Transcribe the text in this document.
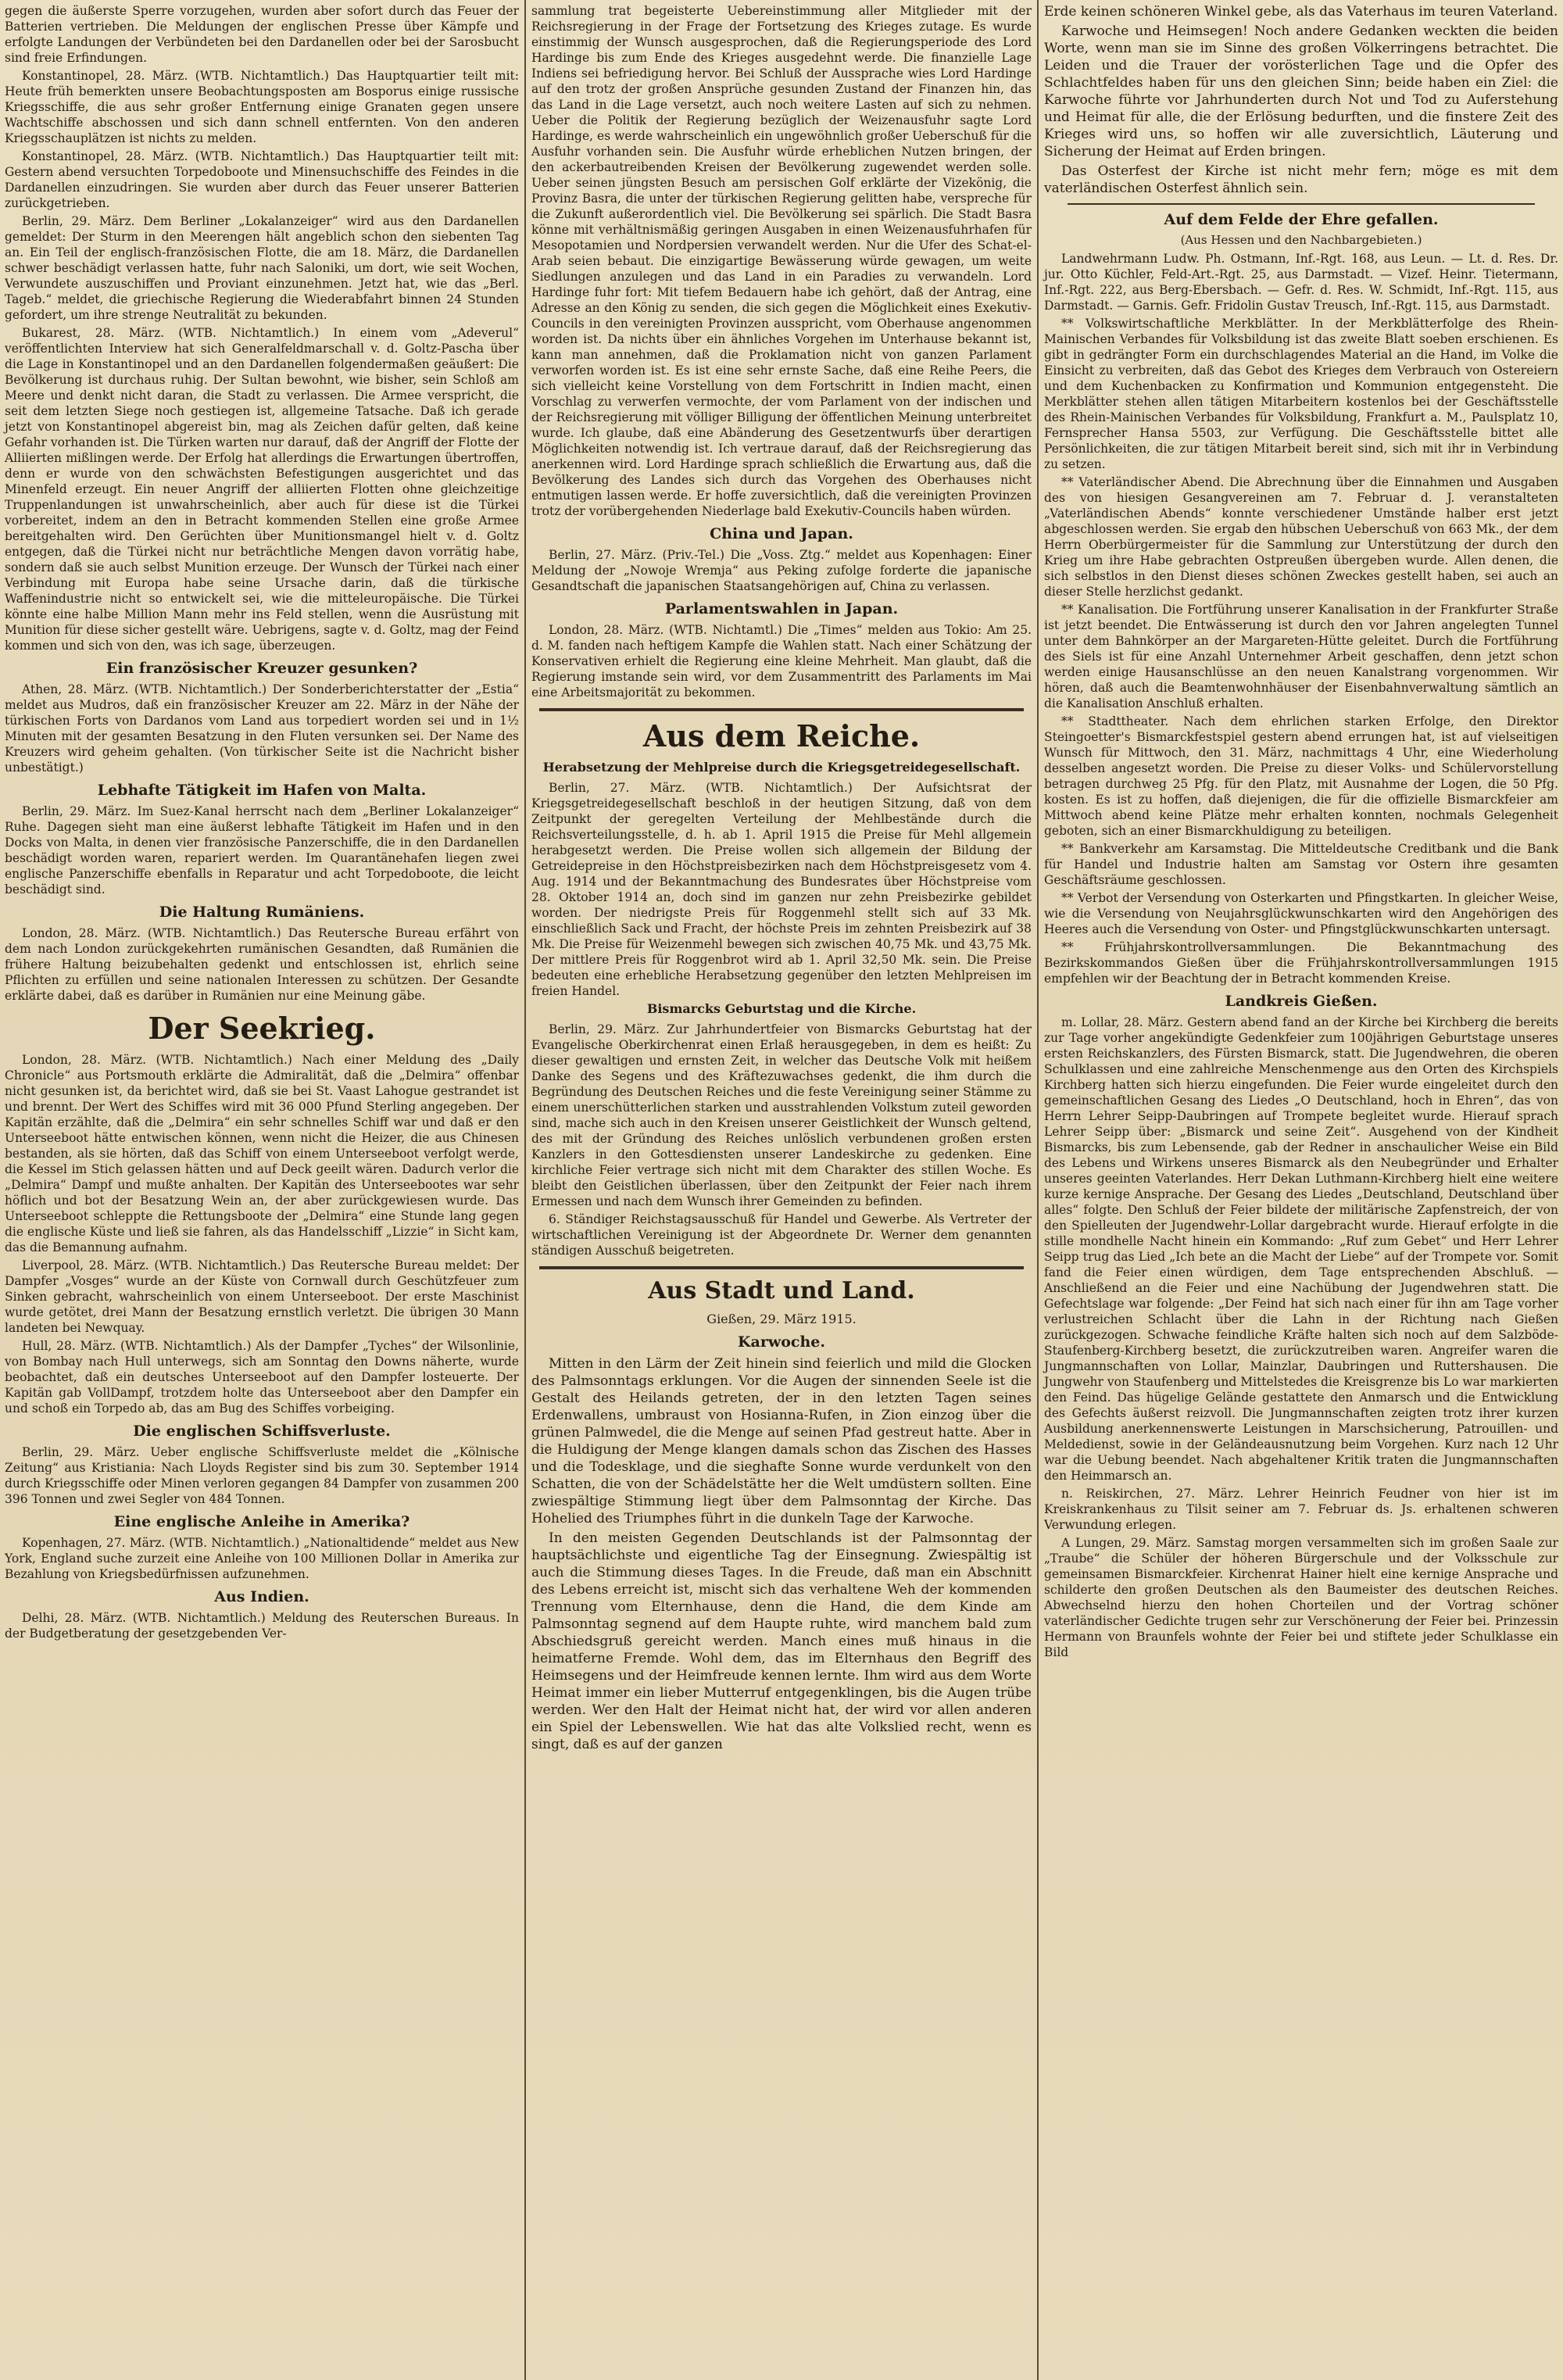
gegen die äußerste Sperre vorzugehen, wurden aber sofort durch das Feuer der Batterien vertrieben. Die Meldungen der englischen Presse über Kämpfe und erfolgte Landungen der Verbündeten bei den Dardanellen oder bei der Sarosbucht sind freie Erfindungen.

Konstantinopel, 28. März. (WTB. Nichtamtlich.) Das Hauptquartier teilt mit: Heute früh bemerkten unsere Beobachtungsposten am Bosporus einige russische Kriegsschiffe, die aus sehr großer Entfernung einige Granaten gegen unsere Wachtschiffe abschossen und sich dann schnell entfernten. Von den anderen Kriegsschauplätzen ist nichts zu melden.

Konstantinopel, 28. März. (WTB. Nichtamtlich.) Das Hauptquartier teilt mit: Gestern abend versuchten Torpedoboote und Minensuchschiffe des Feindes in die Dardanellen einzudringen. Sie wurden aber durch das Feuer unserer Batterien zurückgetrieben.

Berlin, 29. März. Dem Berliner „Lokalanzeiger“ wird aus den Dardanellen gemeldet: Der Sturm in den Meerengen hält angeblich schon den siebenten Tag an. Ein Teil der englisch-französischen Flotte, die am 18. März, die Dardanellen schwer beschädigt verlassen hatte, fuhr nach Saloniki, um dort, wie seit Wochen, Verwundete auszuschiffen und Proviant einzunehmen. Jetzt hat, wie das „Berl. Tageb.“ meldet, die griechische Regierung die Wiederabfahrt binnen 24 Stunden gefordert, um ihre strenge Neutralität zu bekunden.

Bukarest, 28. März. (WTB. Nichtamtlich.) In einem vom „Adeverul“ veröffentlichten Interview hat sich Generalfeldmarschall v. d. Goltz-Pascha über die Lage in Konstantinopel und an den Dardanellen folgendermaßen geäußert: Die Bevölkerung ist durchaus ruhig. Der Sultan bewohnt, wie bisher, sein Schloß am Meere und denkt nicht daran, die Stadt zu verlassen. Die Armee verspricht, die seit dem letzten Siege noch gestiegen ist, allgemeine Tatsache. Daß ich gerade jetzt von Konstantinopel abgereist bin, mag als Zeichen dafür gelten, daß keine Gefahr vorhanden ist. Die Türken warten nur darauf, daß der Angriff der Flotte der Alliierten mißlingen werde. Der Erfolg hat allerdings die Erwartungen übertroffen, denn er wurde von den schwächsten Befestigungen ausgerichtet und das Minenfeld erzeugt. Ein neuer Angriff der alliierten Flotten ohne gleichzeitige Truppenlandungen ist unwahrscheinlich, aber auch für diese ist die Türkei vorbereitet, indem an den in Betracht kommenden Stellen eine große Armee bereitgehalten wird. Den Gerüchten über Munitionsmangel hielt v. d. Goltz entgegen, daß die Türkei nicht nur beträchtliche Mengen davon vorrätig habe, sondern daß sie auch selbst Munition erzeuge. Der Wunsch der Türkei nach einer Verbindung mit Europa habe seine Ursache darin, daß die türkische Waffenindustrie nicht so entwickelt sei, wie die mitteleuropäische. Die Türkei könnte eine halbe Million Mann mehr ins Feld stellen, wenn die Ausrüstung mit Munition für diese sicher gestellt wäre. Uebrigens, sagte v. d. Goltz, mag der Feind kommen und sich von den, was ich sage, überzeugen.

Ein französischer Kreuzer gesunken?

Athen, 28. März. (WTB. Nichtamtlich.) Der Sonderberichterstatter der „Estia“ meldet aus Mudros, daß ein französischer Kreuzer am 22. März in der Nähe der türkischen Forts von Dardanos vom Land aus torpediert worden sei und in 1½ Minuten mit der gesamten Besatzung in den Fluten versunken sei. Der Name des Kreuzers wird geheim gehalten. (Von türkischer Seite ist die Nachricht bisher unbestätigt.)

Lebhafte Tätigkeit im Hafen von Malta.

Berlin, 29. März. Im Suez-Kanal herrscht nach dem „Berliner Lokalanzeiger“ Ruhe. Dagegen sieht man eine äußerst lebhafte Tätigkeit im Hafen und in den Docks von Malta, in denen vier französische Panzerschiffe, die in den Dardanellen beschädigt worden waren, repariert werden. Im Quarantänehafen liegen zwei englische Panzerschiffe ebenfalls in Reparatur und acht Torpedoboote, die leicht beschädigt sind.

Die Haltung Rumäniens.

London, 28. März. (WTB. Nichtamtlich.) Das Reutersche Bureau erfährt von dem nach London zurückgekehrten rumänischen Gesandten, daß Rumänien die frühere Haltung beizubehalten gedenkt und entschlossen ist, ehrlich seine Pflichten zu erfüllen und seine nationalen Interessen zu schützen. Der Gesandte erklärte dabei, daß es darüber in Rumänien nur eine Meinung gäbe.

Der Seekrieg.

London, 28. März. (WTB. Nichtamtlich.) Nach einer Meldung des „Daily Chronicle“ aus Portsmouth erklärte die Admiralität, daß die „Delmira“ offenbar nicht gesunken ist, da berichtet wird, daß sie bei St. Vaast Lahogue gestrandet ist und brennt. Der Wert des Schiffes wird mit 36 000 Pfund Sterling angegeben. Der Kapitän erzählte, daß die „Delmira“ ein sehr schnelles Schiff war und daß er den Unterseeboot hätte entwischen können, wenn nicht die Heizer, die aus Chinesen bestanden, als sie hörten, daß das Schiff von einem Unterseeboot verfolgt werde, die Kessel im Stich gelassen hätten und auf Deck geeilt wären. Dadurch verlor die „Delmira“ Dampf und mußte anhalten. Der Kapitän des Unterseebootes war sehr höflich und bot der Besatzung Wein an, der aber zurückgewiesen wurde. Das Unterseeboot schleppte die Rettungsboote der „Delmira“ eine Stunde lang gegen die englische Küste und ließ sie fahren, als das Handelsschiff „Lizzie“ in Sicht kam, das die Bemannung aufnahm.

Liverpool, 28. März. (WTB. Nichtamtlich.) Das Reutersche Bureau meldet: Der Dampfer „Vosges“ wurde an der Küste von Cornwall durch Geschützfeuer zum Sinken gebracht, wahrscheinlich von einem Unterseeboot. Der erste Maschinist wurde getötet, drei Mann der Besatzung ernstlich verletzt. Die übrigen 30 Mann landeten bei Newquay.

Hull, 28. März. (WTB. Nichtamtlich.) Als der Dampfer „Tyches“ der Wilsonlinie, von Bombay nach Hull unterwegs, sich am Sonntag den Downs näherte, wurde beobachtet, daß ein deutsches Unterseeboot auf den Dampfer losteuerte. Der Kapitän gab VollDampf, trotzdem holte das Unterseeboot aber den Dampfer ein und schoß ein Torpedo ab, das am Bug des Schiffes vorbeiging.

Die englischen Schiffsverluste.

Berlin, 29. März. Ueber englische Schiffsverluste meldet die „Kölnische Zeitung“ aus Kristiania: Nach Lloyds Register sind bis zum 30. September 1914 durch Kriegsschiffe oder Minen verloren gegangen 84 Dampfer von zusammen 200 396 Tonnen und zwei Segler von 484 Tonnen.

Eine englische Anleihe in Amerika?

Kopenhagen, 27. März. (WTB. Nichtamtlich.) „Nationaltidende“ meldet aus New York, England suche zurzeit eine Anleihe von 100 Millionen Dollar in Amerika zur Bezahlung von Kriegsbedürfnissen aufzunehmen.

Aus Indien.

Delhi, 28. März. (WTB. Nichtamtlich.) Meldung des Reuterschen Bureaus. In der Budgetberatung der gesetzgebenden Ver-

sammlung trat begeisterte Uebereinstimmung aller Mitglieder mit der Reichsregierung in der Frage der Fortsetzung des Krieges zutage. Es wurde einstimmig der Wunsch ausgesprochen, daß die Regierungsperiode des Lord Hardinge bis zum Ende des Krieges ausgedehnt werde. Die finanzielle Lage Indiens sei befriedigung hervor. Bei Schluß der Aussprache wies Lord Hardinge auf den trotz der großen Ansprüche gesunden Zustand der Finanzen hin, das das Land in die Lage versetzt, auch noch weitere Lasten auf sich zu nehmen. Ueber die Politik der Regierung bezüglich der Weizenausfuhr sagte Lord Hardinge, es werde wahrscheinlich ein ungewöhnlich großer Ueberschuß für die Ausfuhr vorhanden sein. Die Ausfuhr würde erheblichen Nutzen bringen, der den ackerbautreibenden Kreisen der Bevölkerung zugewendet werden solle. Ueber seinen jüngsten Besuch am persischen Golf erklärte der Vizekönig, die Provinz Basra, die unter der türkischen Regierung gelitten habe, verspreche für die Zukunft außerordentlich viel. Die Bevölkerung sei spärlich. Die Stadt Basra könne mit verhältnismäßig geringen Ausgaben in einen Weizenausfuhrhafen für Mesopotamien und Nordpersien verwandelt werden. Nur die Ufer des Schat-el-Arab seien bebaut. Die einzigartige Bewässerung würde gewagen, um weite Siedlungen anzulegen und das Land in ein Paradies zu verwandeln. Lord Hardinge fuhr fort: Mit tiefem Bedauern habe ich gehört, daß der Antrag, eine Adresse an den König zu senden, die sich gegen die Möglichkeit eines Exekutiv-Councils in den vereinigten Provinzen ausspricht, vom Oberhause angenommen worden ist. Da nichts über ein ähnliches Vorgehen im Unterhause bekannt ist, kann man annehmen, daß die Proklamation nicht von ganzen Parlament verworfen worden ist. Es ist eine sehr ernste Sache, daß eine Reihe Peers, die sich vielleicht keine Vorstellung von dem Fortschritt in Indien macht, einen Vorschlag zu verwerfen vermochte, der vom Parlament von der indischen und der Reichsregierung mit völliger Billigung der öffentlichen Meinung unterbreitet wurde. Ich glaube, daß eine Abänderung des Gesetzentwurfs über derartigen Möglichkeiten notwendig ist. Ich vertraue darauf, daß der Reichsregierung das anerkennen wird. Lord Hardinge sprach schließlich die Erwartung aus, daß die Bevölkerung des Landes sich durch das Vorgehen des Oberhauses nicht entmutigen lassen werde. Er hoffe zuversichtlich, daß die vereinigten Provinzen trotz der vorübergehenden Niederlage bald Exekutiv-Councils haben würden.

China und Japan.

Berlin, 27. März. (Priv.-Tel.) Die „Voss. Ztg.“ meldet aus Kopenhagen: Einer Meldung der „Nowoje Wremja“ aus Peking zufolge forderte die japanische Gesandtschaft die japanischen Staatsangehörigen auf, China zu verlassen.

Parlamentswahlen in Japan.

London, 28. März. (WTB. Nichtamtl.) Die „Times“ melden aus Tokio: Am 25. d. M. fanden nach heftigem Kampfe die Wahlen statt. Nach einer Schätzung der Konservativen erhielt die Regierung eine kleine Mehrheit. Man glaubt, daß die Regierung imstande sein wird, vor dem Zusammentritt des Parlaments im Mai eine Arbeitsmajorität zu bekommen.

Aus dem Reiche.
Herabsetzung der Mehlpreise durch die Kriegsgetreidegesellschaft.

Berlin, 27. März. (WTB. Nichtamtlich.) Der Aufsichtsrat der Kriegsgetreidegesellschaft beschloß in der heutigen Sitzung, daß von dem Zeitpunkt der geregelten Verteilung der Mehlbestände durch die Reichsverteilungsstelle, d. h. ab 1. April 1915 die Preise für Mehl allgemein herabgesetzt werden. Die Preise wollen sich allgemein der Bildung der Getreidepreise in den Höchstpreisbezirken nach dem Höchstpreisgesetz vom 4. Aug. 1914 und der Bekanntmachung des Bundesrates über Höchstpreise vom 28. Oktober 1914 an, doch sind im ganzen nur zehn Preisbezirke gebildet worden. Der niedrigste Preis für Roggenmehl stellt sich auf 33 Mk. einschließlich Sack und Fracht, der höchste Preis im zehnten Preisbezirk auf 38 Mk. Die Preise für Weizenmehl bewegen sich zwischen 40,75 Mk. und 43,75 Mk. Der mittlere Preis für Roggenbrot wird ab 1. April 32,50 Mk. sein. Die Preise bedeuten eine erhebliche Herabsetzung gegenüber den letzten Mehlpreisen im freien Handel.

Bismarcks Geburtstag und die Kirche.

Berlin, 29. März. Zur Jahrhundertfeier von Bismarcks Geburtstag hat der Evangelische Oberkirchenrat einen Erlaß herausgegeben, in dem es heißt: Zu dieser gewaltigen und ernsten Zeit, in welcher das Deutsche Volk mit heißem Danke des Segens und des Kräftezuwachses gedenkt, die ihm durch die Begründung des Deutschen Reiches und die feste Vereinigung seiner Stämme zu einem unerschütterlichen starken und ausstrahlenden Volkstum zuteil geworden sind, mache sich auch in den Kreisen unserer Geistlichkeit der Wunsch geltend, des mit der Gründung des Reiches unlöslich verbundenen großen ersten Kanzlers in den Gottesdiensten unserer Landeskirche zu gedenken. Eine kirchliche Feier vertrage sich nicht mit dem Charakter des stillen Woche. Es bleibt den Geistlichen überlassen, über den Zeitpunkt der Feier nach ihrem Ermessen und nach dem Wunsch ihrer Gemeinden zu befinden.

6. Ständiger Reichstagsausschuß für Handel und Gewerbe. Als Vertreter der wirtschaftlichen Vereinigung ist der Abgeordnete Dr. Werner dem genannten ständigen Ausschuß beigetreten.

Aus Stadt und Land.
Gießen, 29. März 1915.
Karwoche.

Mitten in den Lärm der Zeit hinein sind feierlich und mild die Glocken des Palmsonntags erklungen. Vor die Augen der sinnenden Seele ist die Gestalt des Heilands getreten, der in den letzten Tagen seines Erdenwallens, umbraust von Hosianna-Rufen, in Zion einzog über die grünen Palmwedel, die die Menge auf seinen Pfad gestreut hatte. Aber in die Huldigung der Menge klangen damals schon das Zischen des Hasses und die Todesklage, und die sieghafte Sonne wurde verdunkelt von den Schatten, die von der Schädelstätte her die Welt umdüstern sollten. Eine zwiespältige Stimmung liegt über dem Palmsonntag der Kirche. Das Hohelied des Triumphes führt in die dunkeln Tage der Karwoche.

In den meisten Gegenden Deutschlands ist der Palmsonntag der hauptsächlichste und eigentliche Tag der Einsegnung. Zwiespältig ist auch die Stimmung dieses Tages. In die Freude, daß man ein Abschnitt des Lebens erreicht ist, mischt sich das verhaltene Weh der kommenden Trennung vom Elternhause, denn die Hand, die dem Kinde am Palmsonntag segnend auf dem Haupte ruhte, wird manchem bald zum Abschiedsgruß gereicht werden. Manch eines muß hinaus in die heimatferne Fremde. Wohl dem, das im Elternhaus den Begriff des Heimsegens und der Heimfreude kennen lernte. Ihm wird aus dem Worte Heimat immer ein lieber Mutterruf entgegenklingen, bis die Augen trübe werden. Wer den Halt der Heimat nicht hat, der wird vor allen anderen ein Spiel der Lebenswellen. Wie hat das alte Volkslied recht, wenn es singt, daß es auf der ganzen

Erde keinen schöneren Winkel gebe, als das Vaterhaus im teuren Vaterland.

Karwoche und Heimsegen! Noch andere Gedanken weckten die beiden Worte, wenn man sie im Sinne des großen Völkerringens betrachtet. Die Leiden und die Trauer der vorösterlichen Tage und die Opfer des Schlachtfeldes haben für uns den gleichen Sinn; beide haben ein Ziel: die Karwoche führte vor Jahrhunderten durch Not und Tod zu Auferstehung und Heimat für alle, die der Erlösung bedurften, und die finstere Zeit des Krieges wird uns, so hoffen wir alle zuversichtlich, Läuterung und Sicherung der Heimat auf Erden bringen.

Das Osterfest der Kirche ist nicht mehr fern; möge es mit dem vaterländischen Osterfest ähnlich sein.

Auf dem Felde der Ehre gefallen.
(Aus Hessen und den Nachbargebieten.)

Landwehrmann Ludw. Ph. Ostmann, Inf.-Rgt. 168, aus Leun. — Lt. d. Res. Dr. jur. Otto Küchler, Feld-Art.-Rgt. 25, aus Darmstadt. — Vizef. Heinr. Tietermann, Inf.-Rgt. 222, aus Berg-Ebersbach. — Gefr. d. Res. W. Schmidt, Inf.-Rgt. 115, aus Darmstadt. — Garnis. Gefr. Fridolin Gustav Treusch, Inf.-Rgt. 115, aus Darmstadt.

** Volkswirtschaftliche Merkblätter. In der Merkblätterfolge des Rhein-Mainischen Verbandes für Volksbildung ist das zweite Blatt soeben erschienen. Es gibt in gedrängter Form ein durchschlagendes Material an die Hand, im Volke die Einsicht zu verbreiten, daß das Gebot des Krieges dem Verbrauch von Ostereiern und dem Kuchenbacken zu Konfirmation und Kommunion entgegensteht. Die Merkblätter stehen allen tätigen Mitarbeitern kostenlos bei der Geschäftsstelle des Rhein-Mainischen Verbandes für Volksbildung, Frankfurt a. M., Paulsplatz 10, Fernsprecher Hansa 5503, zur Verfügung. Die Geschäftsstelle bittet alle Persönlichkeiten, die zur tätigen Mitarbeit bereit sind, sich mit ihr in Verbindung zu setzen.

** Vaterländischer Abend. Die Abrechnung über die Einnahmen und Ausgaben des von hiesigen Gesangvereinen am 7. Februar d. J. veranstalteten „Vaterländischen Abends“ konnte verschiedener Umstände halber erst jetzt abgeschlossen werden. Sie ergab den hübschen Ueberschuß von 663 Mk., der dem Herrn Oberbürgermeister für die Sammlung zur Unterstützung der durch den Krieg um ihre Habe gebrachten Ostpreußen übergeben wurde. Allen denen, die sich selbstlos in den Dienst dieses schönen Zweckes gestellt haben, sei auch an dieser Stelle herzlichst gedankt.

** Kanalisation. Die Fortführung unserer Kanalisation in der Frankfurter Straße ist jetzt beendet. Die Entwässerung ist durch den vor Jahren angelegten Tunnel unter dem Bahnkörper an der Margareten-Hütte geleitet. Durch die Fortführung des Siels ist für eine Anzahl Unternehmer Arbeit geschaffen, denn jetzt schon werden einige Hausanschlüsse an den neuen Kanalstrang vorgenommen. Wir hören, daß auch die Beamtenwohnhäuser der Eisenbahnverwaltung sämtlich an die Kanalisation Anschluß erhalten.

** Stadttheater. Nach dem ehrlichen starken Erfolge, den Direktor Steingoetter's Bismarckfestspiel gestern abend errungen hat, ist auf vielseitigen Wunsch für Mittwoch, den 31. März, nachmittags 4 Uhr, eine Wiederholung desselben angesetzt worden. Die Preise zu dieser Volks- und Schülervorstellung betragen durchweg 25 Pfg. für den Platz, mit Ausnahme der Logen, die 50 Pfg. kosten. Es ist zu hoffen, daß diejenigen, die für die offizielle Bismarckfeier am Mittwoch abend keine Plätze mehr erhalten konnten, nochmals Gelegenheit geboten, sich an einer Bismarckhuldigung zu beteiligen.

** Bankverkehr am Karsamstag. Die Mitteldeutsche Creditbank und die Bank für Handel und Industrie halten am Samstag vor Ostern ihre gesamten Geschäftsräume geschlossen.

** Verbot der Versendung von Osterkarten und Pfingstkarten. In gleicher Weise, wie die Versendung von Neujahrsglückwunschkarten wird den Angehörigen des Heeres auch die Versendung von Oster- und Pfingstglückwunschkarten untersagt.

** Frühjahrskontrollversammlungen. Die Bekanntmachung des Bezirkskommandos Gießen über die Frühjahrskontrollversammlungen 1915 empfehlen wir der Beachtung der in Betracht kommenden Kreise.

Landkreis Gießen.

m. Lollar, 28. März. Gestern abend fand an der Kirche bei Kirchberg die bereits zur Tage vorher angekündigte Gedenkfeier zum 100jährigen Geburtstage unseres ersten Reichskanzlers, des Fürsten Bismarck, statt. Die Jugendwehren, die oberen Schulklassen und eine zahlreiche Menschenmenge aus den Orten des Kirchspiels Kirchberg hatten sich hierzu eingefunden. Die Feier wurde eingeleitet durch den gemeinschaftlichen Gesang des Liedes „O Deutschland, hoch in Ehren“, das von Herrn Lehrer Seipp-Daubringen auf Trompete begleitet wurde. Hierauf sprach Lehrer Seipp über: „Bismarck und seine Zeit“. Ausgehend von der Kindheit Bismarcks, bis zum Lebensende, gab der Redner in anschaulicher Weise ein Bild des Lebens und Wirkens unseres Bismarck als den Neubegründer und Erhalter unseres geeinten Vaterlandes. Herr Dekan Luthmann-Kirchberg hielt eine weitere kurze kernige Ansprache. Der Gesang des Liedes „Deutschland, Deutschland über alles“ folgte. Den Schluß der Feier bildete der militärische Zapfenstreich, der von den Spielleuten der Jugendwehr-Lollar dargebracht wurde. Hierauf erfolgte in die stille mondhelle Nacht hinein ein Kommando: „Ruf zum Gebet“ und Herr Lehrer Seipp trug das Lied „Ich bete an die Macht der Liebe“ auf der Trompete vor. Somit fand die Feier einen würdigen, dem Tage entsprechenden Abschluß. — Anschließend an die Feier und eine Nachübung der Jugendwehren statt. Die Gefechtslage war folgende: „Der Feind hat sich nach einer für ihn am Tage vorher verlustreichen Schlacht über die Lahn in der Richtung nach Gießen zurückgezogen. Schwache feindliche Kräfte halten sich noch auf dem Salzböde-Staufenberg-Kirchberg besetzt, die zurückzutreiben waren. Angreifer waren die Jungmannschaften von Lollar, Mainzlar, Daubringen und Ruttershausen. Die Jungwehr von Staufenberg und Mittelstedes die Kreisgrenze bis Lo war markierten den Feind. Das hügelige Gelände gestattete den Anmarsch und die Entwicklung des Gefechts äußerst reizvoll. Die Jungmannschaften zeigten trotz ihrer kurzen Ausbildung anerkennenswerte Leistungen in Marschsicherung, Patrouillen- und Meldedienst, sowie in der Geländeausnutzung beim Vorgehen. Kurz nach 12 Uhr war die Uebung beendet. Nach abgehaltener Kritik traten die Jungmannschaften den Heimmarsch an.

n. Reiskirchen, 27. März. Lehrer Heinrich Feudner von hier ist im Kreiskrankenhaus zu Tilsit seiner am 7. Februar ds. Js. erhaltenen schweren Verwundung erlegen.

A Lungen, 29. März. Samstag morgen versammelten sich im großen Saale zur „Traube“ die Schüler der höheren Bürgerschule und der Volksschule zur gemeinsamen Bismarckfeier. Kirchenrat Hainer hielt eine kernige Ansprache und schilderte den großen Deutschen als den Baumeister des deutschen Reiches. Abwechselnd hierzu den hohen Chorteilen und der Vortrag schöner vaterländischer Gedichte trugen sehr zur Verschönerung der Feier bei. Prinzessin Hermann von Braunfels wohnte der Feier bei und stiftete jeder Schulklasse ein Bild
